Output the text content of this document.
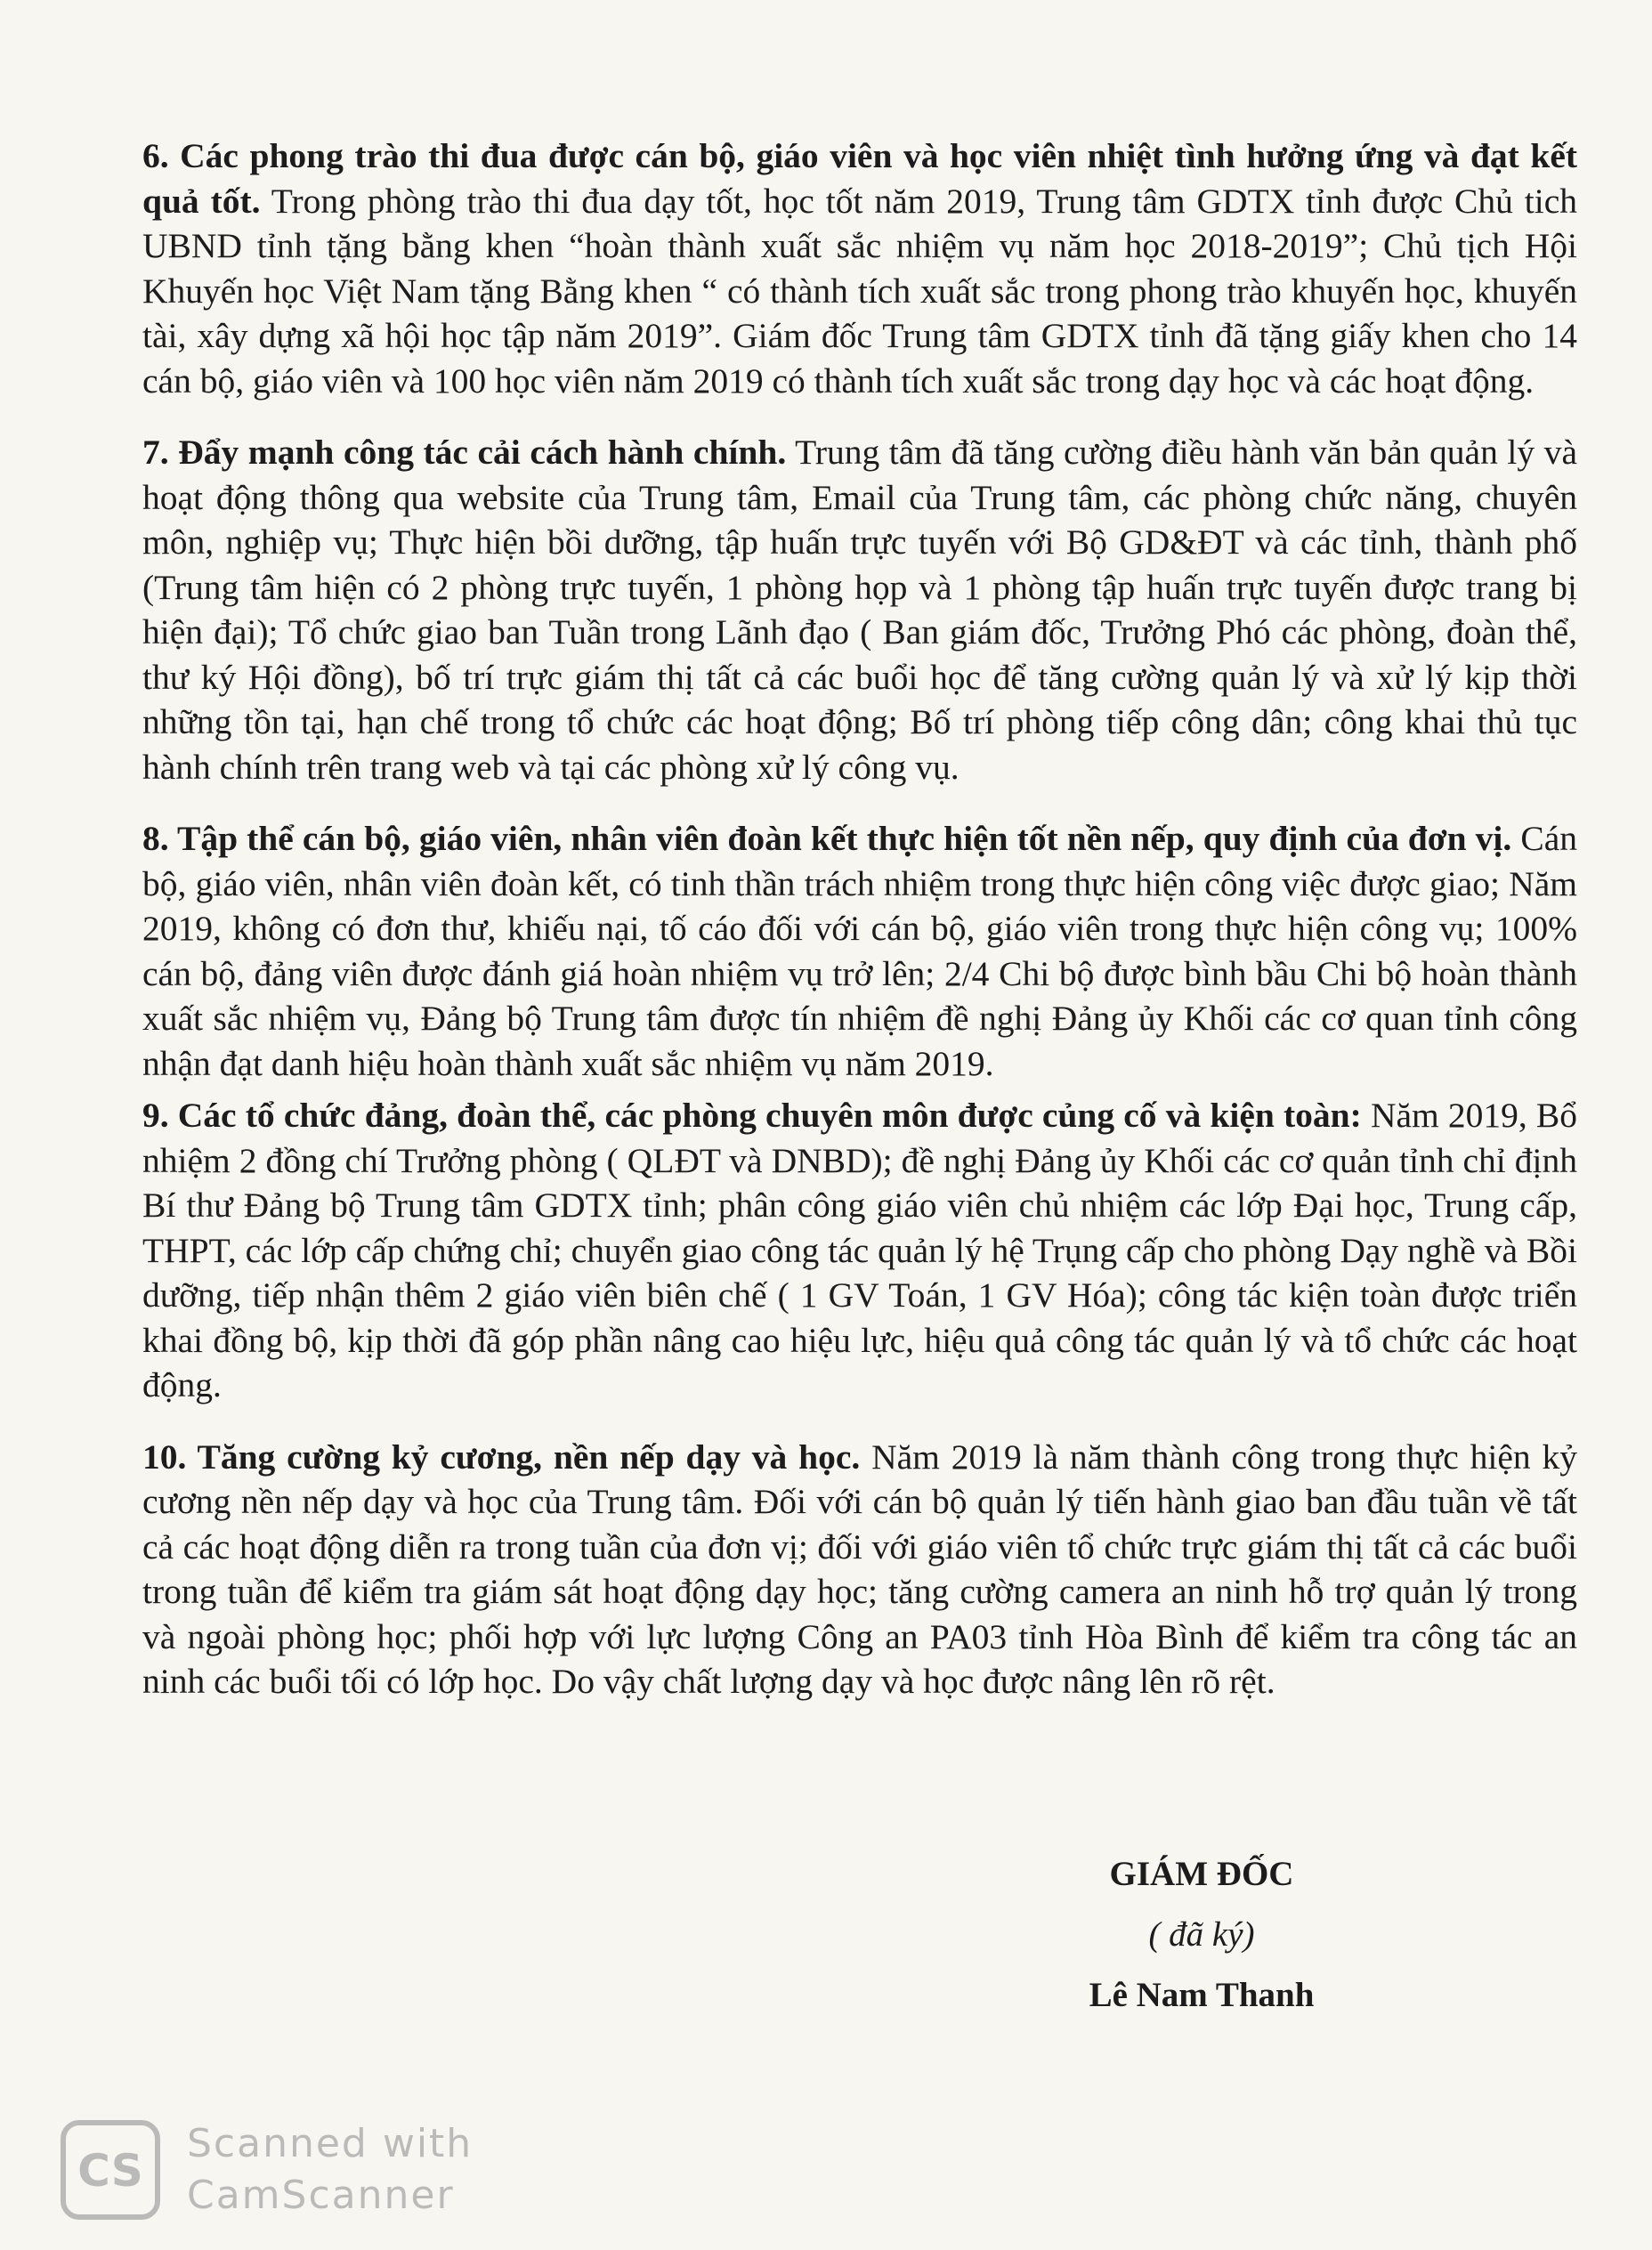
6. Các phong trào thi đua được cán bộ, giáo viên và học viên nhiệt tình hưởng ứng và đạt kết quả tốt. Trong phòng trào thi đua dạy tốt, học tốt năm 2019, Trung tâm GDTX tỉnh được Chủ tich UBND tỉnh tặng bằng khen “hoàn thành xuất sắc nhiệm vụ năm học 2018-2019”; Chủ tịch Hội Khuyến học Việt Nam tặng Bằng khen “ có thành tích xuất sắc trong phong trào khuyến học, khuyến tài, xây dựng xã hội học tập năm 2019”. Giám đốc Trung tâm GDTX tỉnh đã tặng giấy khen cho 14 cán bộ, giáo viên và 100 học viên năm 2019 có thành tích xuất sắc trong dạy học và các hoạt động.

7. Đẩy mạnh công tác cải cách hành chính. Trung tâm đã tăng cường điều hành văn bản quản lý và hoạt động thông qua website của Trung tâm, Email của Trung tâm, các phòng chức năng, chuyên môn, nghiệp vụ; Thực hiện bồi dưỡng, tập huấn trực tuyến với Bộ GD&ĐT và các tỉnh, thành phố (Trung tâm hiện có 2 phòng trực tuyến, 1 phòng họp và 1 phòng tập huấn trực tuyến được trang bị hiện đại); Tổ chức giao ban Tuần trong Lãnh đạo ( Ban giám đốc, Trưởng Phó các phòng, đoàn thể, thư ký Hội đồng), bố trí trực giám thị tất cả các buổi học để tăng cường quản lý và xử lý kịp thời những tồn tại, hạn chế trong tổ chức các hoạt động; Bố trí phòng tiếp công dân; công khai thủ tục hành chính trên trang web và tại các phòng xử lý công vụ.

8. Tập thể cán bộ, giáo viên, nhân viên đoàn kết thực hiện tốt nền nếp, quy định của đơn vị. Cán bộ, giáo viên, nhân viên đoàn kết, có tinh thần trách nhiệm trong thực hiện công việc được giao; Năm 2019, không có đơn thư, khiếu nại, tố cáo đối với cán bộ, giáo viên trong thực hiện công vụ; 100% cán bộ, đảng viên được đánh giá hoàn nhiệm vụ trở lên; 2/4 Chi bộ được bình bầu Chi bộ hoàn thành xuất sắc nhiệm vụ, Đảng bộ Trung tâm được tín nhiệm đề nghị Đảng ủy Khối các cơ quan tỉnh công nhận đạt danh hiệu hoàn thành xuất sắc nhiệm vụ năm 2019.

9. Các tổ chức đảng, đoàn thể, các phòng chuyên môn được củng cố và kiện toàn: Năm 2019, Bổ nhiệm 2 đồng chí Trưởng phòng ( QLĐT và DNBD); đề nghị Đảng ủy Khối các cơ quản tỉnh chỉ định Bí thư Đảng bộ Trung tâm GDTX tỉnh; phân công giáo viên chủ nhiệm các lớp Đại học, Trung cấp, THPT, các lớp cấp chứng chỉ; chuyển giao công tác quản lý hệ Trụng cấp cho phòng Dạy nghề và Bồi dưỡng, tiếp nhận thêm 2 giáo viên biên chế ( 1 GV Toán, 1 GV Hóa); công tác kiện toàn được triển khai đồng bộ, kịp thời đã góp phần nâng cao hiệu lực, hiệu quả công tác quản lý và tổ chức các hoạt động.

10. Tăng cường kỷ cương, nền nếp dạy và học. Năm 2019 là năm thành công trong thực hiện kỷ cương nền nếp dạy và học của Trung tâm. Đối với cán bộ quản lý tiến hành giao ban đầu tuần về tất cả các hoạt động diễn ra trong tuần của đơn vị; đối với giáo viên tổ chức trực giám thị tất cả các buổi trong tuần để kiểm tra giám sát hoạt động dạy học; tăng cường camera an ninh hỗ trợ quản lý trong và ngoài phòng học; phối hợp với lực lượng Công an PA03 tỉnh Hòa Bình để kiểm tra công tác an ninh các buổi tối có lớp học. Do vậy chất lượng dạy và học được nâng lên rõ rệt.

GIÁM ĐỐC
( đã ký)
Lê Nam Thanh
CS
Scanned with
CamScanner
